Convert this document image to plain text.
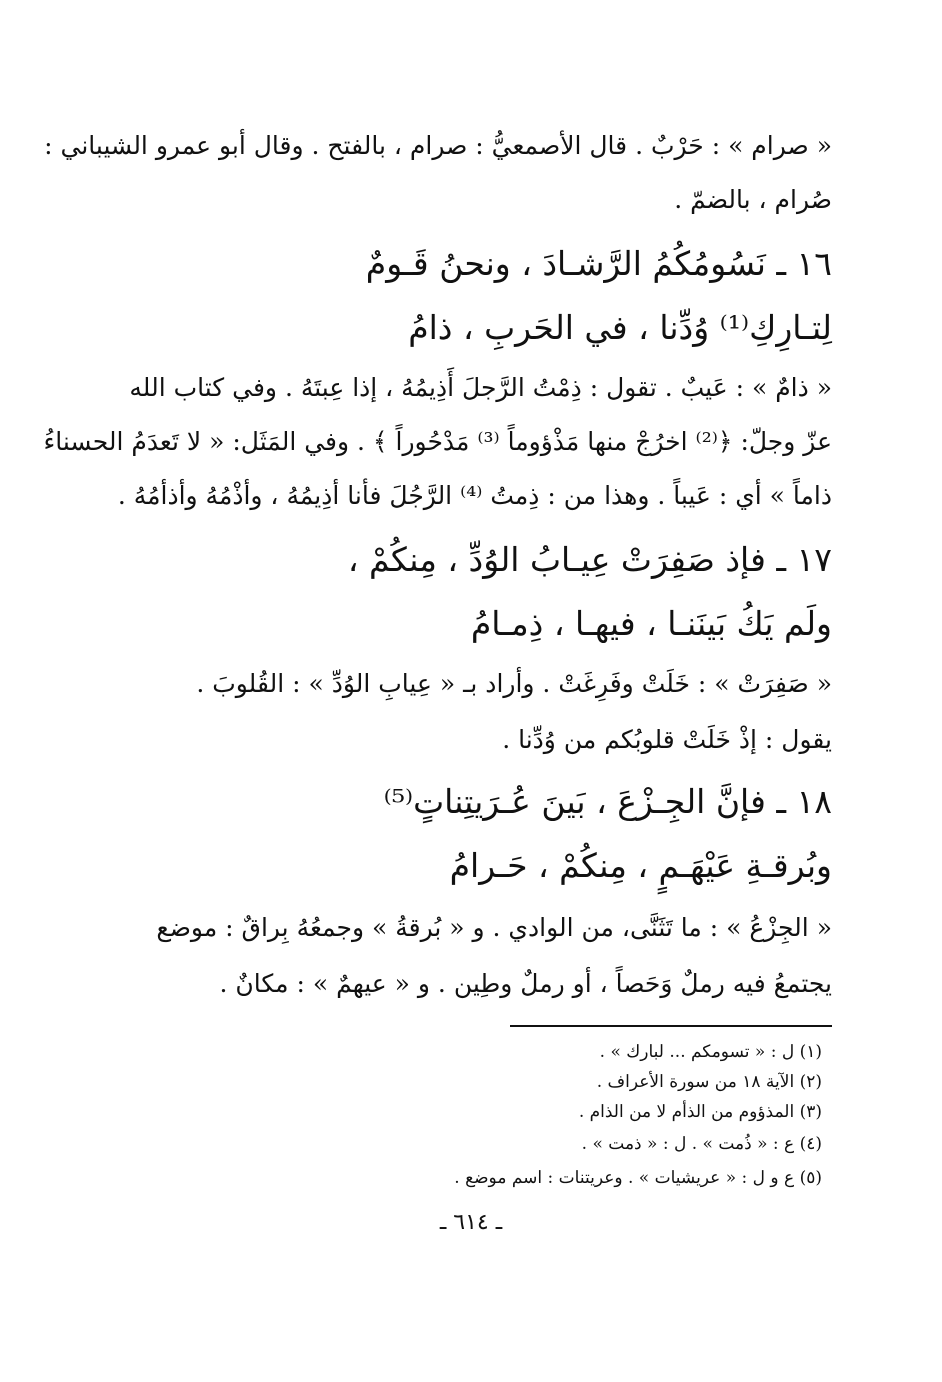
« صرام » : حَرْبٌ . قال الأصمعيُّ : صرام ، بالفتح . وقال أبو عمرو الشيباني :
صُرام ، بالضمّ .
١٦ ـ نَسُومُكُمُ الرَّشـادَ ، ونحنُ قَـومٌ
لِتـارِكِ⁽¹⁾ وُدِّنا ، في الحَربِ ، ذامُ
« ذامٌ » : عَيبٌ . تقول : ذِمْتُ الرَّجلَ أَذِيمُهُ ، إذا عِبتَهُ . وفي كتاب الله
عزّ وجلّ: ﴿⁽²⁾ اخرُجْ منها مَذْؤوماً ⁽³⁾ مَدْحُوراً ﴾ . وفي المَثَل: « لا تَعدَمُ الحسناءُ
ذاماً » أي : عَيباً . وهذا من : ذِمتُ ⁽⁴⁾ الرَّجُلَ فأنا أذِيمُهُ ، وأذْمُهُ وأذأمُهُ .
١٧ ـ فإذ صَفِرَتْ عِيـابُ الوُدِّ ، مِنكُمْ ،
ولَم يَكُ بَينَنـا ، فيهـا ، ذِمـامُ
« صَفِرَتْ » : خَلَتْ وفَرِغَتْ . وأراد بـ « عِيابِ الوُدِّ » : القُلوبَ .
يقول : إذْ خَلَتْ قلوبُكم من وُدِّنا .
١٨ ـ فإنَّ الجِـزْعَ ، بَينَ عُـرَيتِناتٍ⁽⁵⁾
وبُرقـةِ عَيْهَـمٍ ، مِنكُمْ ، حَـرامُ
« الجِزْعُ » : ما تَثَنَّى، من الوادي . و « بُرقةُ » وجمعُهُ بِراقٌ : موضع
يجتمعُ فيه رملٌ وَحَصاً ، أو رملٌ وطِين . و « عيهمٌ » : مكانٌ .
(١) ل : « تسومكم ... لبارك » .
(٢) الآية ١٨ من سورة الأعراف .
(٣) المذؤوم من الذأم لا من الذام .
(٤) ع : « ذُمت » . ل : « ذمت » .
(٥) ع و ل : « عريشيات » . وعريتنات : اسم موضع .
ـ ٦١٤ ـ
